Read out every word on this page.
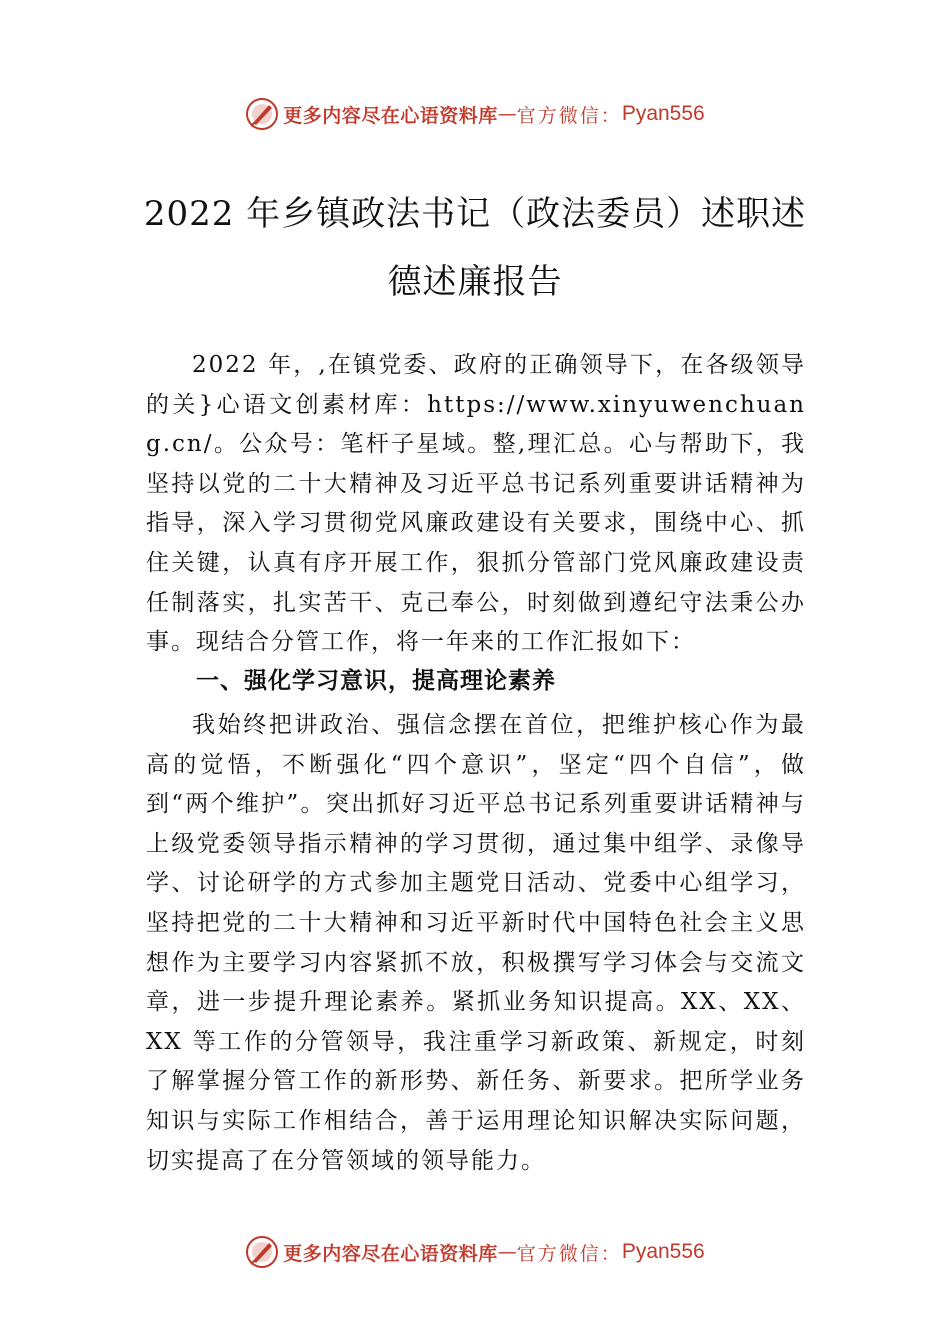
更多内容尽在心语资料库 — 官方微信： Pyan556
2022 年乡镇政法书记（政法委员）述职述
德述廉报告

2022 年，,在镇党委、政府的正确领导下，在各级领导的关}心语文创素材库：https://www.xinyuwenchuang.cn/。公众号：笔杆子星域。整,理汇总。心与帮助下，我坚持以党的二十大精神及习近平总书记系列重要讲话精神为指导，深入学习贯彻党风廉政建设有关要求，围绕中心、抓住关键，认真有序开展工作，狠抓分管部门党风廉政建设责任制落实，扎实苦干、克己奉公，时刻做到遵纪守法秉公办事。现结合分管工作，将一年来的工作汇报如下：

一、强化学习意识，提高理论素养

我始终把讲政治、强信念摆在首位，把维护核心作为最高的觉悟，不断强化“四个意识”，坚定“四个自信”，做到“两个维护”。突出抓好习近平总书记系列重要讲话精神与上级党委领导指示精神的学习贯彻，通过集中组学、录像导学、讨论研学的方式参加主题党日活动、党委中心组学习， 坚持把党的二十大精神和习近平新时代中国特色社会主义思想作为主要学习内容紧抓不放，积极撰写学习体会与交流文章，进一步提升理论素养。紧抓业务知识提高。XX、XX、XX 等工作的分管领导，我注重学习新政策、新规定，时刻了解掌握分管工作的新形势、新任务、新要求。把所学业务知识与实际工作相结合，善于运用理论知识解决实际问题， 切实提高了在分管领域的领导能力。

更多内容尽在心语资料库 — 官方微信： Pyan556
